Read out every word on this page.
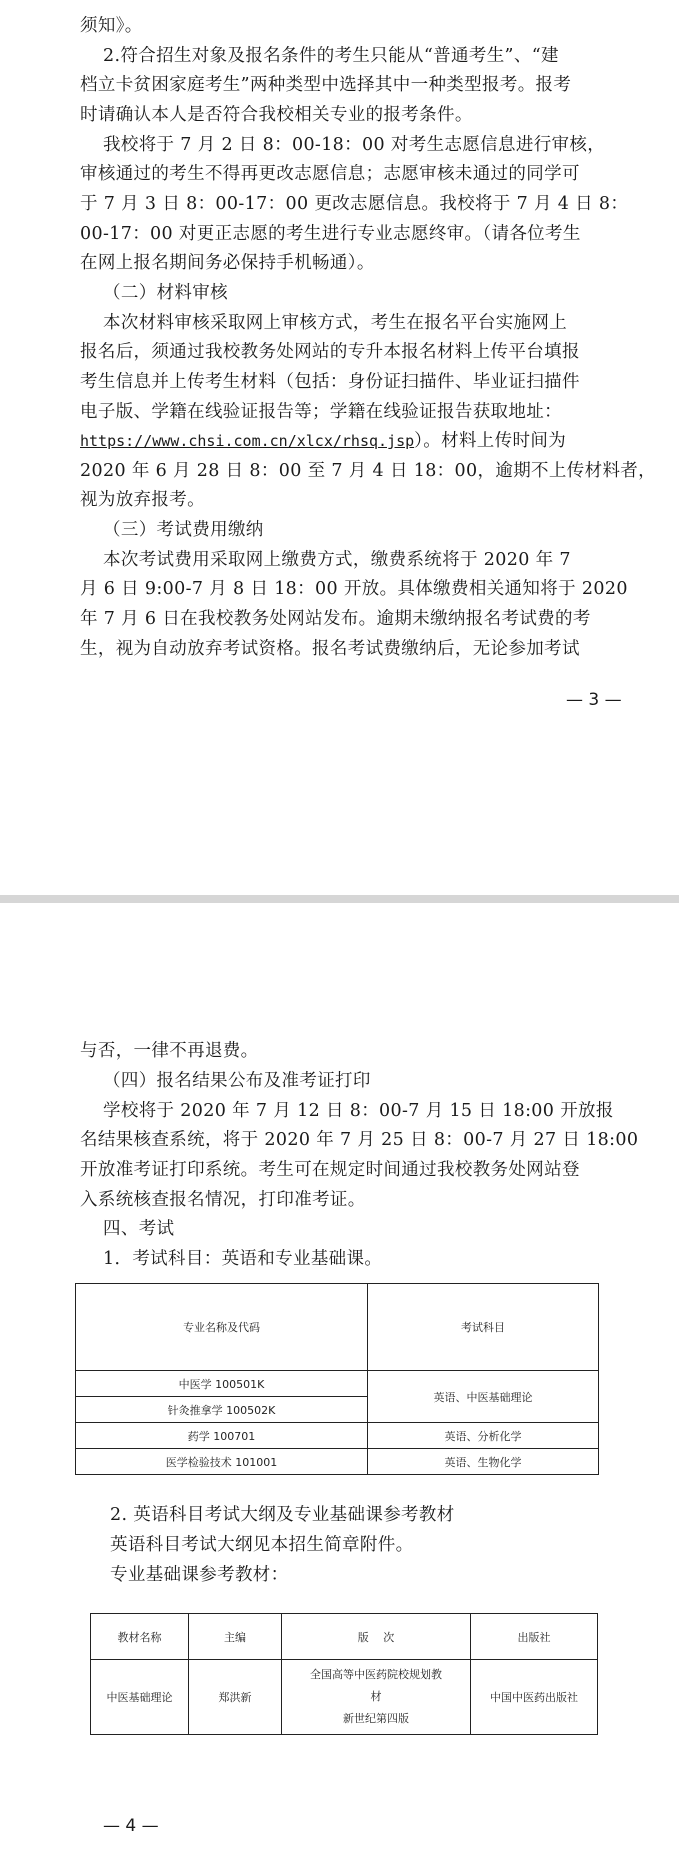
须知》。
2.符合招生对象及报名条件的考生只能从“普通考生”、“建
档立卡贫困家庭考生”两种类型中选择其中一种类型报考。报考
时请确认本人是否符合我校相关专业的报考条件。
我校将于 7 月 2 日 8：00-18：00 对考生志愿信息进行审核，
审核通过的考生不得再更改志愿信息；志愿审核未通过的同学可
于 7 月 3 日 8：00-17：00 更改志愿信息。我校将于 7 月 4 日 8：
00-17：00 对更正志愿的考生进行专业志愿终审。（请各位考生
在网上报名期间务必保持手机畅通）。
（二）材料审核
本次材料审核采取网上审核方式，考生在报名平台实施网上
报名后，须通过我校教务处网站的专升本报名材料上传平台填报
考生信息并上传考生材料（包括：身份证扫描件、毕业证扫描件
电子版、学籍在线验证报告等；学籍在线验证报告获取地址：
https://www.chsi.com.cn/xlcx/rhsq.jsp）。材料上传时间为
2020 年 6 月 28 日 8：00 至 7 月 4 日 18：00，逾期不上传材料者，
视为放弃报考。
（三）考试费用缴纳
本次考试费用采取网上缴费方式，缴费系统将于 2020 年 7
月 6 日 9:00-7 月 8 日 18：00 开放。具体缴费相关通知将于 2020
年 7 月 6 日在我校教务处网站发布。逾期未缴纳报名考试费的考
生，视为自动放弃考试资格。报名考试费缴纳后，无论参加考试
— 3 —
与否，一律不再退费。
（四）报名结果公布及准考证打印
学校将于 2020 年 7 月 12 日 8：00-7 月 15 日 18:00 开放报
名结果核查系统，将于 2020 年 7 月 25 日 8：00-7 月 27 日 18:00
开放准考证打印系统。考生可在规定时间通过我校教务处网站登
入系统核查报名情况，打印准考证。
四、考试
1．考试科目：英语和专业基础课。
专业名称及代码	考试科目
中医学 100501K	英语、中医基础理论
针灸推拿学 100502K	
药学 100701	英语、分析化学
医学检验技术 101001	英语、生物化学
2. 英语科目考试大纲及专业基础课参考教材
英语科目考试大纲见本招生简章附件。
专业基础课参考教材：
教材名称	主编	版　 次	出版社
中医基础理论	郑洪新	全国高等中医药院校规划教
材
新世纪第四版	中国中医药出版社
— 4 —
